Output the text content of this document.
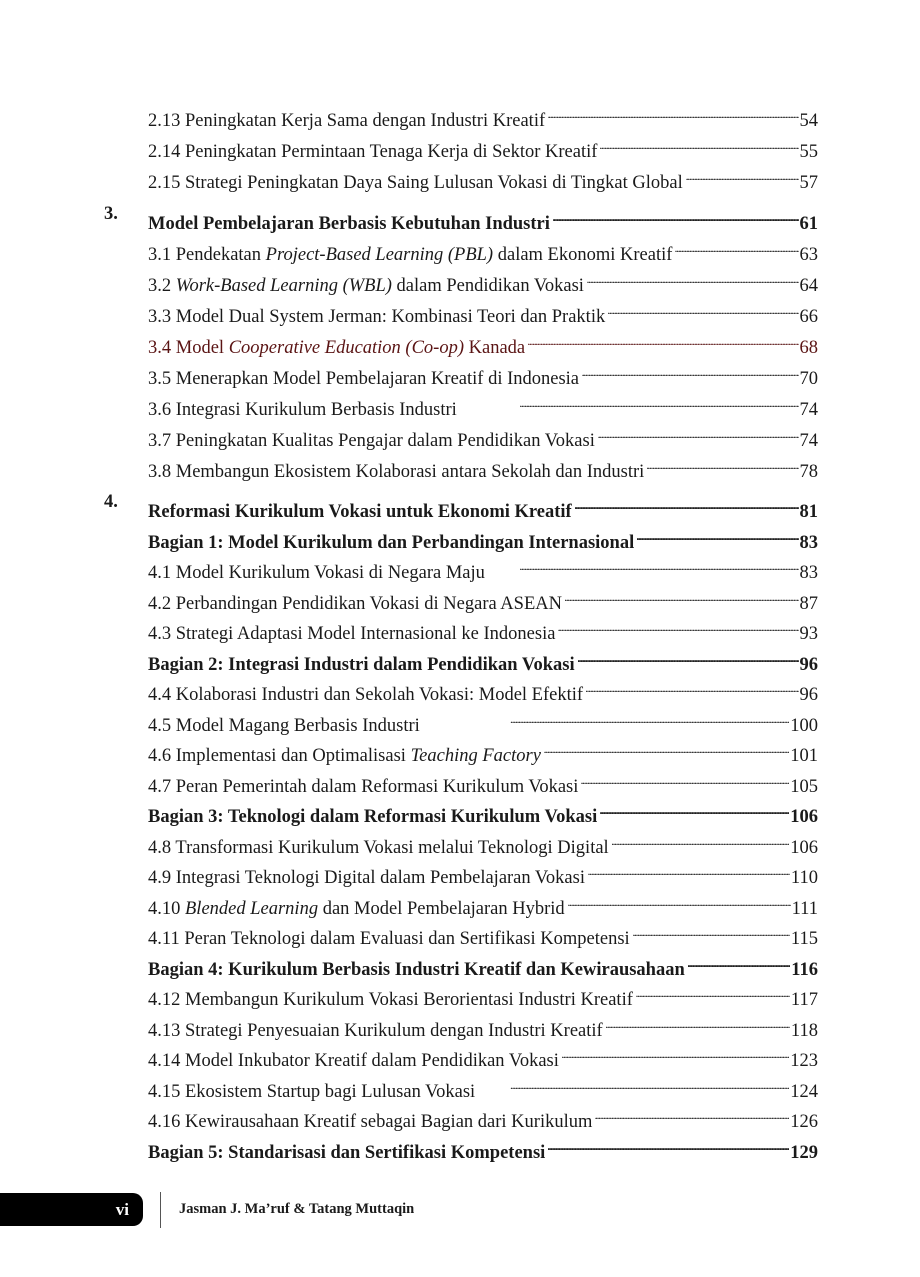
2.13 Peningkatan Kerja Sama dengan Industri Kreatif . . .	54
2.14 Peningkatan Permintaan Tenaga Kerja di Sektor Kreatif . . .	55
2.15 Strategi Peningkatan Daya Saing Lulusan Vokasi di Tingkat Global . . .	57
3. Model Pembelajaran Berbasis Kebutuhan Industri . . .	61
3.1 Pendekatan Project-Based Learning (PBL) dalam Ekonomi Kreatif . . .	63
3.2 Work-Based Learning (WBL) dalam Pendidikan Vokasi . . .	64
3.3 Model Dual System Jerman: Kombinasi Teori dan Praktik . . .	66
3.4 Model Cooperative Education (Co-op) Kanada . . .	68
3.5 Menerapkan Model Pembelajaran Kreatif di Indonesia . . .	70
3.6 Integrasi Kurikulum Berbasis Industri . . .	74
3.7 Peningkatan Kualitas Pengajar dalam Pendidikan Vokasi . . .	74
3.8 Membangun Ekosistem Kolaborasi antara Sekolah dan Industri . . .	78
4. Reformasi Kurikulum Vokasi untuk Ekonomi Kreatif . . .	81
Bagian 1: Model Kurikulum dan Perbandingan Internasional . . .	83
4.1 Model Kurikulum Vokasi di Negara Maju . . .	83
4.2 Perbandingan Pendidikan Vokasi di Negara ASEAN . . .	87
4.3 Strategi Adaptasi Model Internasional ke Indonesia . . .	93
Bagian 2: Integrasi Industri dalam Pendidikan Vokasi . . .	96
4.4 Kolaborasi Industri dan Sekolah Vokasi: Model Efektif . . .	96
4.5 Model Magang Berbasis Industri . . .	100
4.6 Implementasi dan Optimalisasi Teaching Factory . . .	101
4.7 Peran Pemerintah dalam Reformasi Kurikulum Vokasi . . .	105
Bagian 3: Teknologi dalam Reformasi Kurikulum Vokasi . . .	106
4.8 Transformasi Kurikulum Vokasi melalui Teknologi Digital . . .	106
4.9 Integrasi Teknologi Digital dalam Pembelajaran Vokasi . . .	110
4.10 Blended Learning dan Model Pembelajaran Hybrid . . .	111
4.11 Peran Teknologi dalam Evaluasi dan Sertifikasi Kompetensi . . .	115
Bagian 4: Kurikulum Berbasis Industri Kreatif dan Kewirausahaan . . .	116
4.12 Membangun Kurikulum Vokasi Berorientasi Industri Kreatif . . .	117
4.13 Strategi Penyesuaian Kurikulum dengan Industri Kreatif . . .	118
4.14 Model Inkubator Kreatif dalam Pendidikan Vokasi . . .	123
4.15 Ekosistem Startup bagi Lulusan Vokasi . . .	124
4.16 Kewirausahaan Kreatif sebagai Bagian dari Kurikulum . . .	126
Bagian 5: Standarisasi dan Sertifikasi Kompetensi . . .	129
vi	Jasman J. Ma’ruf & Tatang Muttaqin
